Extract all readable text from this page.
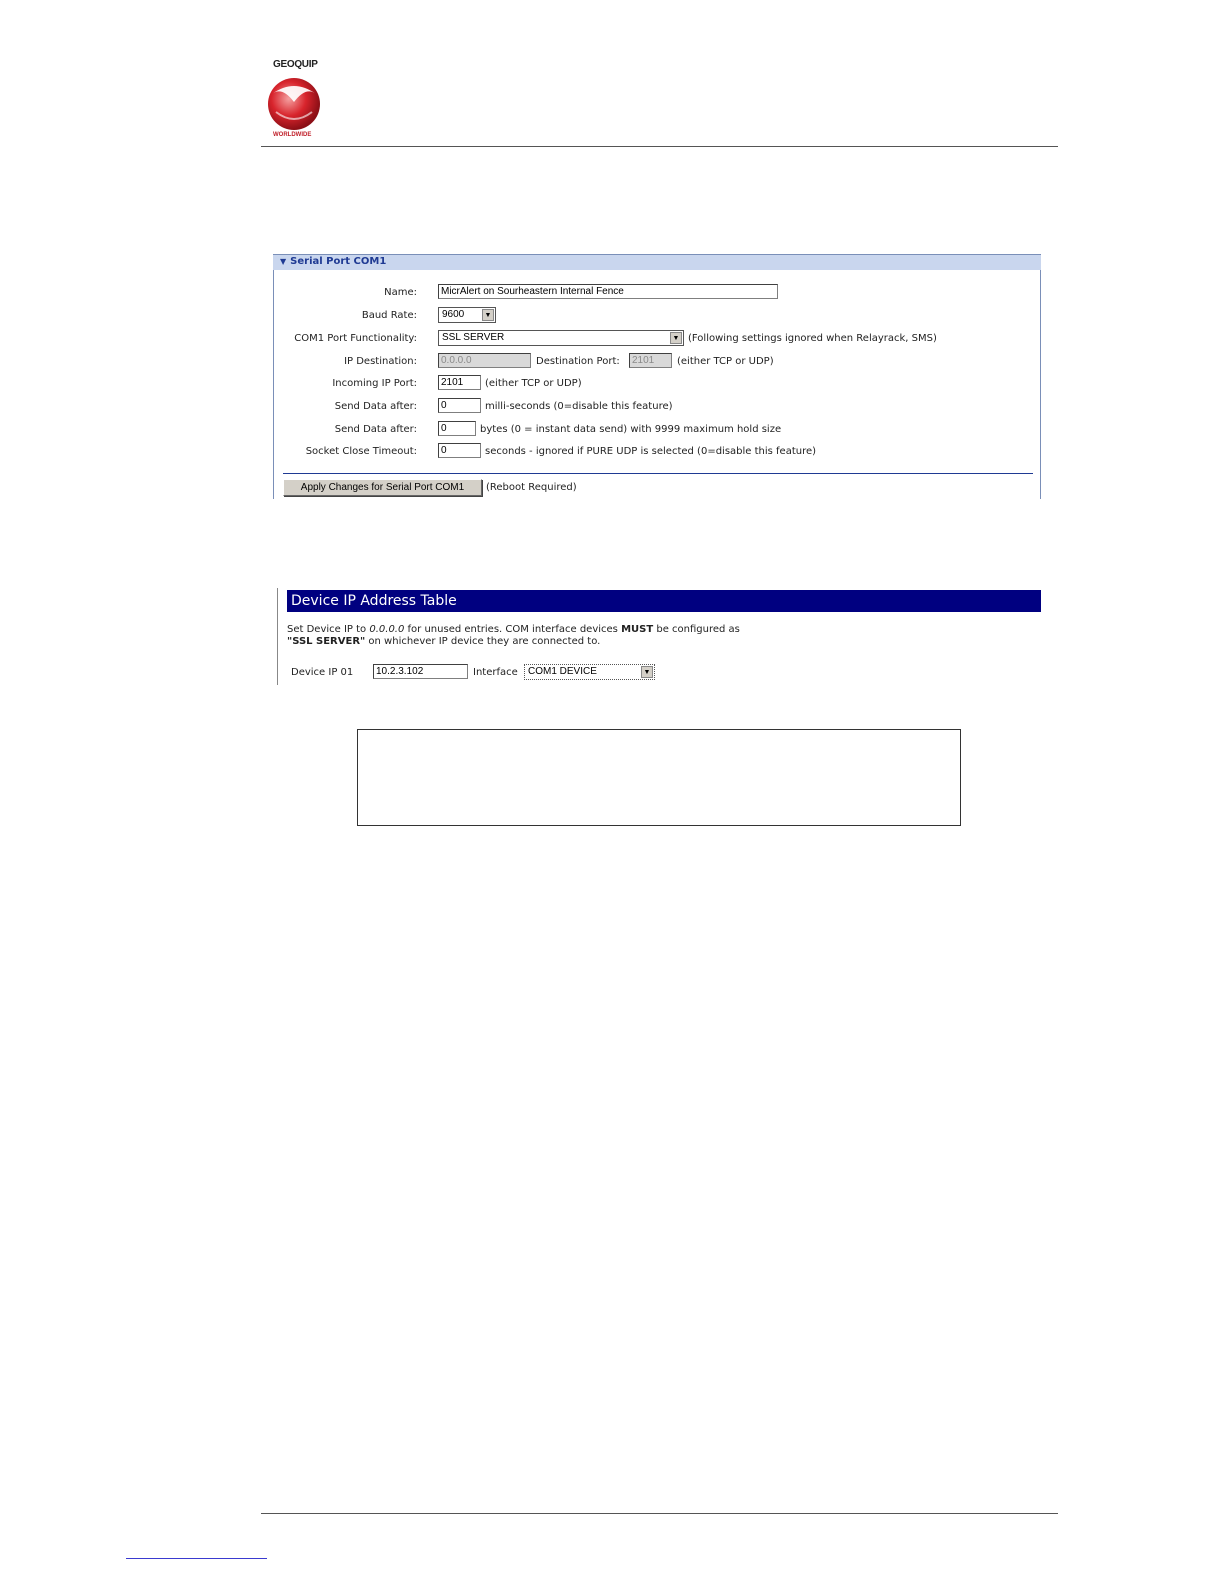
GEOQUIP
WORLDWIDE
▼ Serial Port COM1
Name:	MicrAlert on Sourheastern Internal Fence
Baud Rate:	9600	▼
COM1 Port Functionality:	SSL SERVER	▼ (Following settings ignored when Relayrack, SMS)
IP Destination:	0.0.0.0	Destination Port:	2101	(either TCP or UDP)
Incoming IP Port:	2101	(either TCP or UDP)
Send Data after:	0	milli-seconds (0=disable this feature)
Send Data after:	0	bytes (0 = instant data send) with 9999 maximum hold size
Socket Close Timeout:	0	seconds - ignored if PURE UDP is selected (0=disable this feature)
Apply Changes for Serial Port COM1	(Reboot Required)
Device IP Address Table
Set Device IP to 0.0.0.0 for unused entries. COM interface devices MUST be configured as
"SSL SERVER" on whichever IP device they are connected to.
Device IP 01	10.2.3.102	Interface	COM1 DEVICE	▼
